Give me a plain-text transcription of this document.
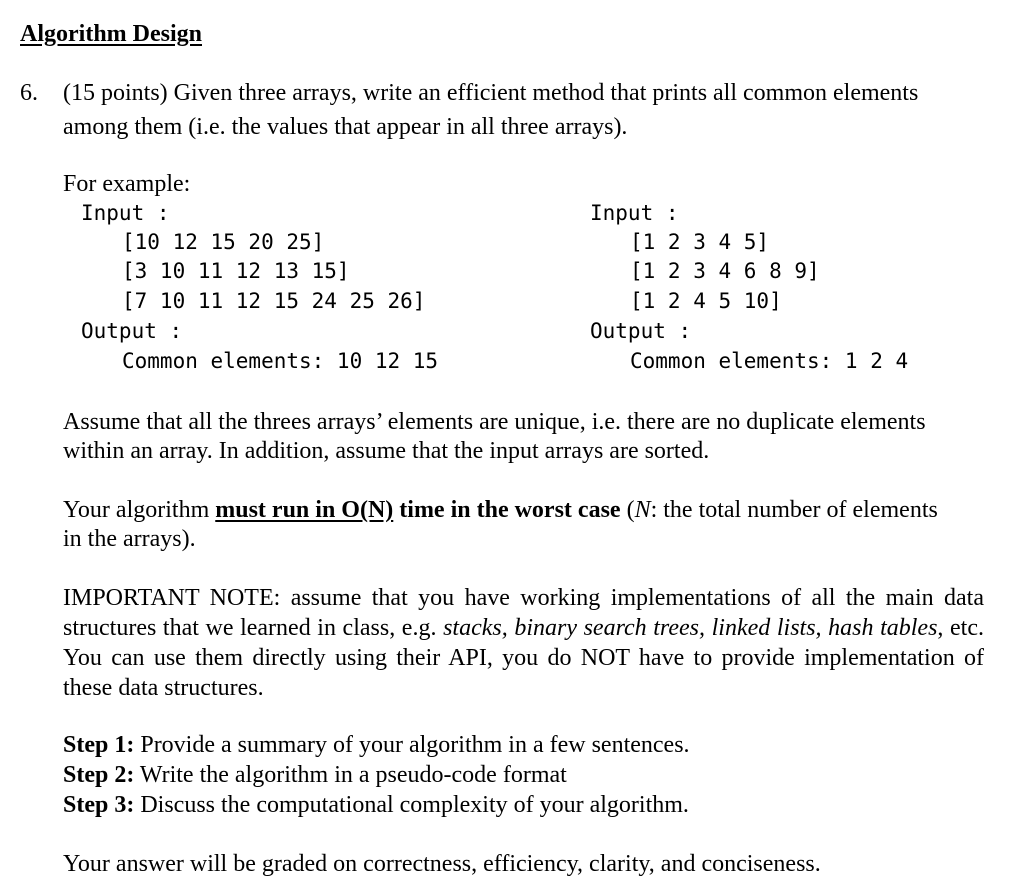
Algorithm Design
6. (15 points) Given three arrays, write an efficient method that prints all common elements
among them (i.e. the values that appear in all three arrays).
For example:
Input :
[10 12 15 20 25]
[3 10 11 12 13 15]
[7 10 11 12 15 24 25 26]
Output :
Common elements: 10 12 15
Input :
[1 2 3 4 5]
[1 2 3 4 6 8 9]
[1 2 4 5 10]
Output :
Common elements: 1 2 4
Assume that all the threes arrays’ elements are unique, i.e. there are no duplicate elements
within an array. In addition, assume that the input arrays are sorted.
Your algorithm must run in O(N) time in the worst case (N: the total number of elements
in the arrays).
IMPORTANT NOTE: assume that you have working implementations of all the main data structures that we learned in class, e.g. stacks, binary search trees, linked lists, hash tables, etc. You can use them directly using their API, you do NOT have to provide implementation of these data structures.
Step 1: Provide a summary of your algorithm in a few sentences.
Step 2: Write the algorithm in a pseudo-code format
Step 3: Discuss the computational complexity of your algorithm.
Your answer will be graded on correctness, efficiency, clarity, and conciseness.
